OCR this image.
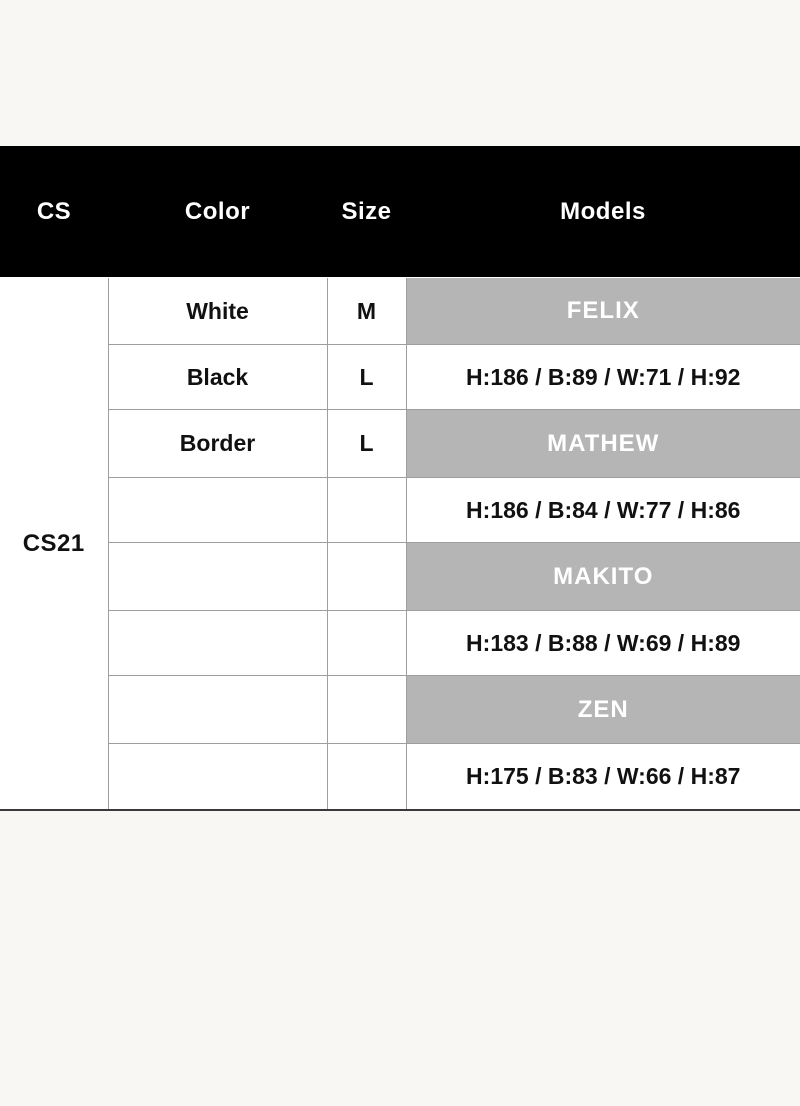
CS	Color	Size	Models
CS21	White	M	FELIX
	Black	L	H:186 / B:89 / W:71 / H:92
	Border	L	MATHEW
			H:186 / B:84 / W:77 / H:86
			MAKITO
			H:183 / B:88 / W:69 / H:89
			ZEN
			H:175 / B:83 / W:66 / H:87
